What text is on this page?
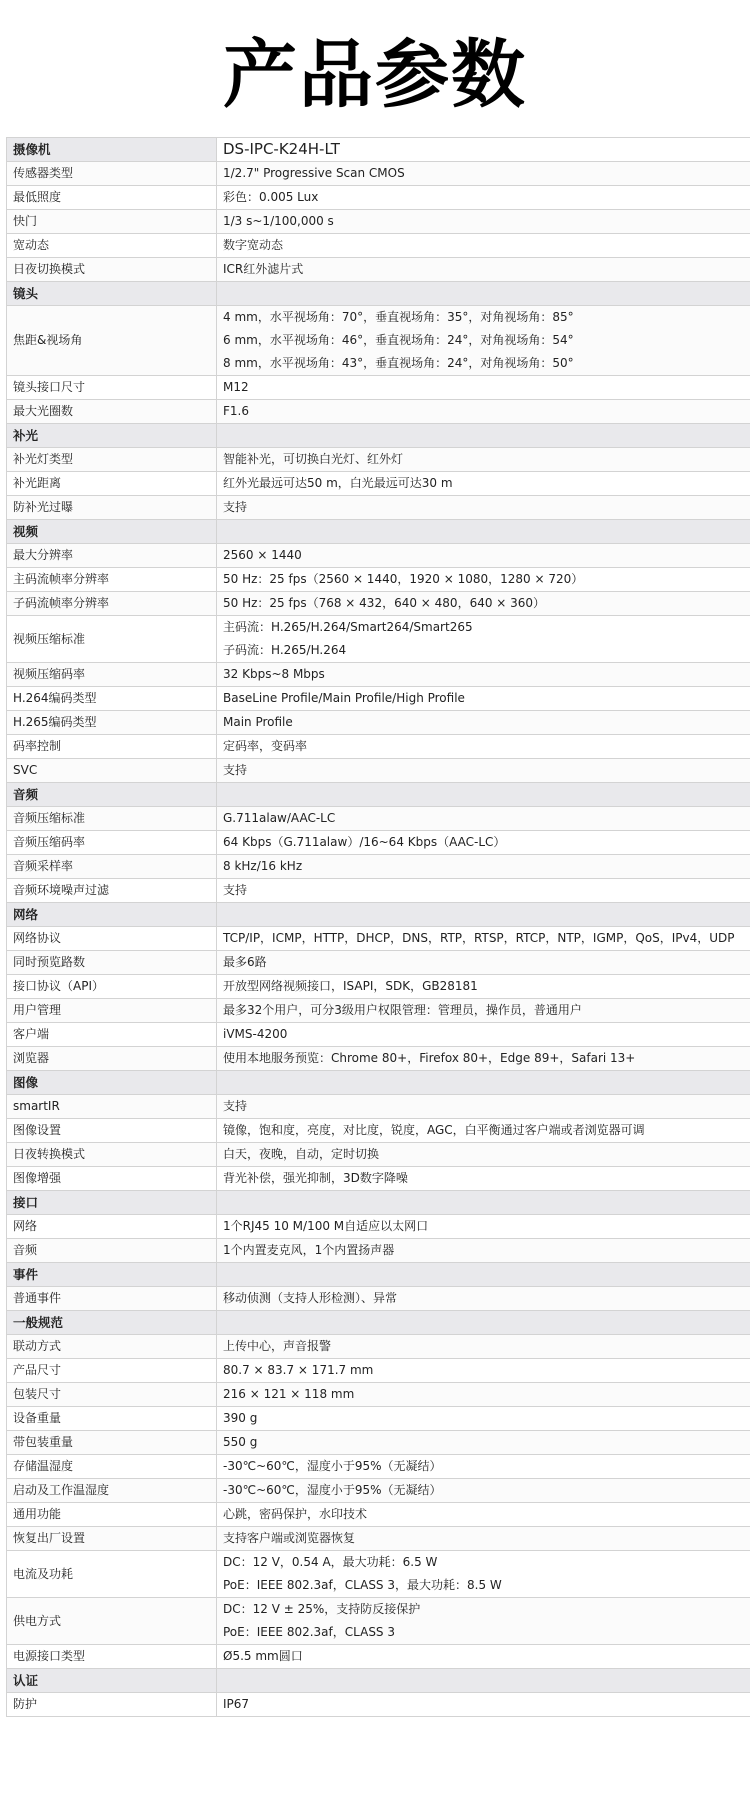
产品参数
摄像机	DS-IPC-K24H-LT
传感器类型	1/2.7" Progressive Scan CMOS

最低照度	彩色：0.005 Lux

快门	1/3 s~1/100,000 s

宽动态	数字宽动态

日夜切换模式	ICR红外滤片式

镜头	
焦距&视场角	4 mm，水平视场角：70°，垂直视场角：35°，对角视场角：85°
6 mm，水平视场角：46°，垂直视场角：24°，对角视场角：54°
8 mm，水平视场角：43°，垂直视场角：24°，对角视场角：50°

镜头接口尺寸	M12

最大光圈数	F1.6

补光	
补光灯类型	智能补光，可切换白光灯、红外灯

补光距离	红外光最远可达50 m，白光最远可达30 m

防补光过曝	支持

视频	
最大分辨率	2560 × 1440

主码流帧率分辨率	50 Hz：25 fps（2560 × 1440，1920 × 1080，1280 × 720）

子码流帧率分辨率	50 Hz：25 fps（768 × 432，640 × 480，640 × 360）

视频压缩标准	主码流：H.265/H.264/Smart264/Smart265
子码流：H.265/H.264

视频压缩码率	32 Kbps~8 Mbps

H.264编码类型	BaseLine Profile/Main Profile/High Profile

H.265编码类型	Main Profile

码率控制	定码率，变码率

SVC	支持

音频	
音频压缩标准	G.711alaw/AAC-LC

音频压缩码率	64 Kbps（G.711alaw）/16~64 Kbps（AAC-LC）

音频采样率	8 kHz/16 kHz

音频环境噪声过滤	支持

网络	
网络协议	TCP/IP，ICMP，HTTP，DHCP，DNS，RTP，RTSP，RTCP，NTP，IGMP，QoS，IPv4，UDP

同时预览路数	最多6路

接口协议（API）	开放型网络视频接口，ISAPI，SDK，GB28181

用户管理	最多32个用户，可分3级用户权限管理：管理员，操作员，普通用户

客户端	iVMS-4200

浏览器	使用本地服务预览：Chrome 80+，Firefox 80+，Edge 89+，Safari 13+

图像	
smartIR	支持

图像设置	镜像，饱和度，亮度，对比度，锐度，AGC，白平衡通过客户端或者浏览器可调

日夜转换模式	白天，夜晚，自动，定时切换

图像增强	背光补偿，强光抑制，3D数字降噪

接口	
网络	1个RJ45 10 M/100 M自适应以太网口

音频	1个内置麦克风，1个内置扬声器

事件	
普通事件	移动侦测（支持人形检测）、异常

一般规范	
联动方式	上传中心，声音报警

产品尺寸	80.7 × 83.7 × 171.7 mm

包装尺寸	216 × 121 × 118 mm

设备重量	390 g

带包装重量	550 g

存储温湿度	-30℃~60℃，湿度小于95%（无凝结）

启动及工作温湿度	-30℃~60℃，湿度小于95%（无凝结）

通用功能	心跳，密码保护，水印技术

恢复出厂设置	支持客户端或浏览器恢复

电流及功耗	DC：12 V，0.54 A，最大功耗：6.5 W
PoE：IEEE 802.3af，CLASS 3，最大功耗：8.5 W

供电方式	DC：12 V ± 25%，支持防反接保护
PoE：IEEE 802.3af，CLASS 3

电源接口类型	Ø5.5 mm圆口

认证	
防护	IP67
